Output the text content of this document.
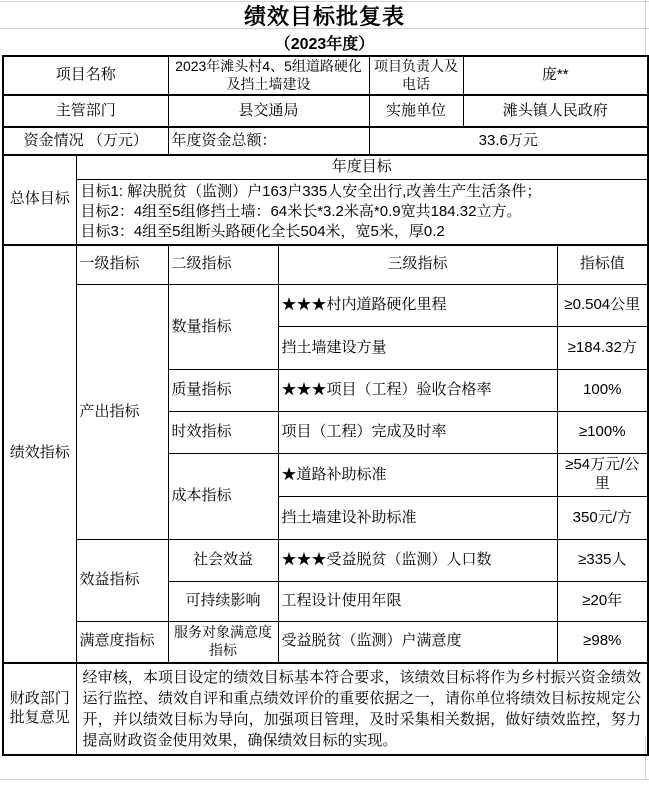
绩效目标批复表
（2023年度）
项目名称		2023年滩头村4、5组道路硬化及挡土墙建设		项目负责人及电话	庞**	
主管部门		县交通局		实施单位	滩头镇人民政府	
资金情况 （万元）		年度资金总额：		33.6万元		
总体目标	年度目标					

	目标1: 解决脱贫（监测）户163户335人安全出行,改善生产生活条件；
目标2：4组至5组修挡土墙：64米长*3.2米高*0.9宽共184.32立方。
目标3：4组至5组断头路硬化全长504米，宽5米，厚0.2					

绩效指标	一级指标	二级指标	三级指标			指标值
	产出指标	数量指标	★★★村内道路硬化里程			≥0.504公里
			挡土墙建设方量			≥184.32方
		质量指标	★★★项目（工程）验收合格率			100%
		时效指标	项目（工程）完成及时率			≥100%
		成本指标	★道路补助标准			≥54万元/公里
			挡土墙建设补助标准			350元/方
	效益指标	社会效益	★★★受益脱贫（监测）人口数			≥335人
		可持续影响	工程设计使用年限			≥20年
	满意度指标	服务对象满意度指标	受益脱贫（监测）户满意度			≥98%
财政部门批复意见	经审核，本项目设定的绩效目标基本符合要求，该绩效目标将作为乡村振兴资金绩效运行监控、绩效自评和重点绩效评价的重要依据之一，请你单位将绩效目标按规定公开，并以绩效目标为导向，加强项目管理，及时采集相关数据，做好绩效监控，努力提高财政资金使用效果，确保绩效目标的实现。					
